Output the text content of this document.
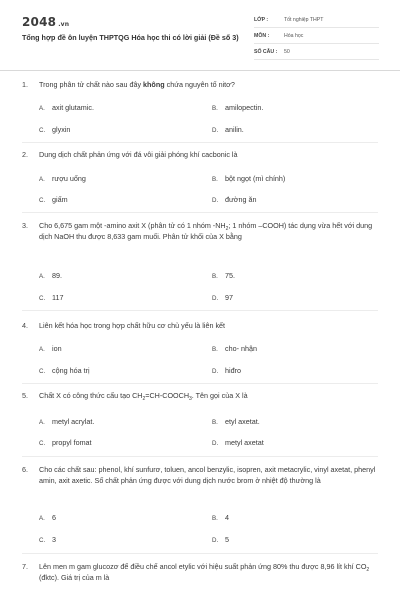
2048 .vn
Tổng hợp đề ôn luyện THPTQG Hóa học thi có lời giải (Đề số 3)
LỚP :	Tốt nghiệp THPT
MÔN :	Hóa học
SỐ CÂU : 50
1. Trong phân tử chất nào sau đây không chứa nguyên tố nitơ?
A. axit glutamic.	B. amilopectin.
C. glyxin	D. anilin.
2. Dung dịch chất phản ứng với đá vôi giải phóng khí cacbonic là
A. rượu uống	B. bột ngọt (mì chính)
C. giấm	D. đường ăn
3. Cho 6,675 gam một -amino axit X (phân tử có 1 nhóm $-NH_2$; 1 nhóm –COOH) tác dụng vừa hết với dung dịch NaOH thu được 8,633 gam muối. Phân tử khối của X bằng
A. 89.	B. 75.
C. 117	D. 97
4. Liên kết hóa học trong hợp chất hữu cơ chủ yếu là liên kết
A. ion	B. cho- nhận
C. cộng hóa trị	D. hiđro
5. Chất X có công thức cấu tạo $CH_2=CH-COOCH_3$. Tên gọi của X là
A. metyl acrylat.	B. etyl axetat.
C. propyl fomat	D. metyl axetat
6. Cho các chất sau: phenol, khí sunfurơ, toluen, ancol benzylic, isopren, axit metacrylic, vinyl axetat, phenyl amin, axit axetic. Số chất phản ứng được với dung dịch nước brom ở nhiệt độ thường là
A. 6	B. 4
C. 3	D. 5
7. Lên men m gam glucozơ để điều chế ancol etylic với hiệu suất phản ứng 80% thu được 8,96 lít khí $CO_2$ (đktc). Giá trị của m là
